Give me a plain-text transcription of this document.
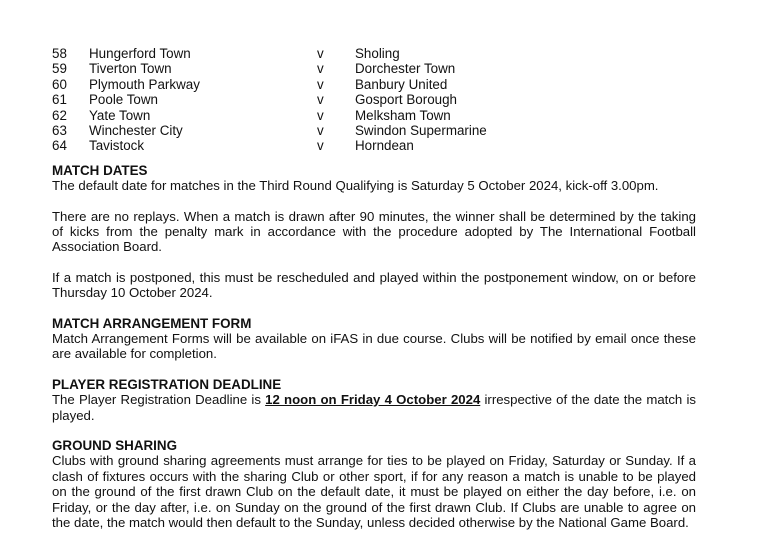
58 Hungerford Town	v Sholing
59 Tiverton Town	v Dorchester Town
60 Plymouth Parkway	v Banbury United
61 Poole Town	v Gosport Borough
62 Yate Town	v Melksham Town
63 Winchester City	v Swindon Supermarine
64 Tavistock	v Horndean

MATCH DATES

The default date for matches in the Third Round Qualifying is Saturday 5 October 2024, kick-off 3.00pm.

There are no replays. When a match is drawn after 90 minutes, the winner shall be determined by the taking of kicks from the penalty mark in accordance with the procedure adopted by The International Football Association Board.

If a match is postponed, this must be rescheduled and played within the postponement window, on or before Thursday 10 October 2024.

MATCH ARRANGEMENT FORM

Match Arrangement Forms will be available on iFAS in due course. Clubs will be notified by email once these are available for completion.

PLAYER REGISTRATION DEADLINE

The Player Registration Deadline is 12 noon on Friday 4 October 2024 irrespective of the date the match is played.

GROUND SHARING

Clubs with ground sharing agreements must arrange for ties to be played on Friday, Saturday or Sunday. If a clash of fixtures occurs with the sharing Club or other sport, if for any reason a match is unable to be played on the ground of the first drawn Club on the default date, it must be played on either the day before, i.e. on Friday, or the day after, i.e. on Sunday on the ground of the first drawn Club. If Clubs are unable to agree on the date, the match would then default to the Sunday, unless decided otherwise by the National Game Board.
